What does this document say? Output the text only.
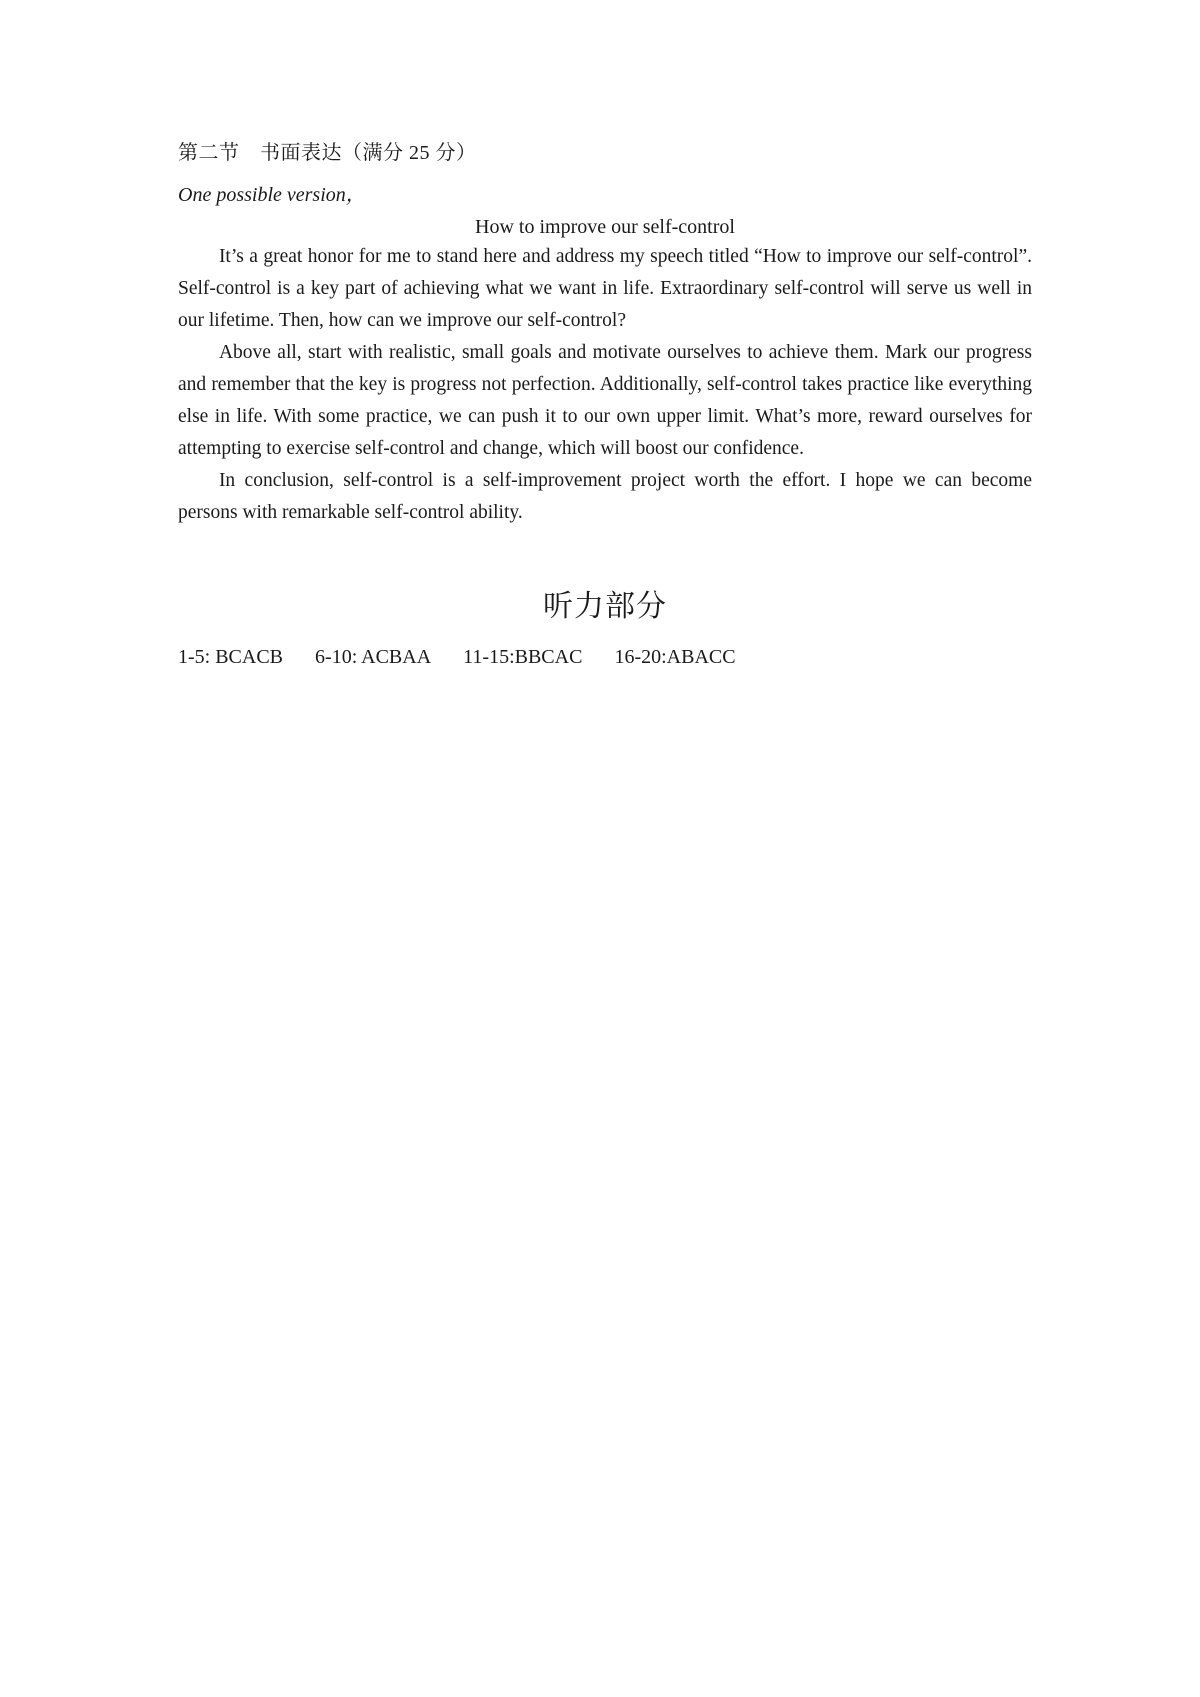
第二节　书面表达（满分 25 分）

One possible version，

How to improve our self-control

It’s a great honor for me to stand here and address my speech titled “How to improve our self-control”. Self-control is a key part of achieving what we want in life. Extraordinary self-control will serve us well in our lifetime. Then, how can we improve our self-control?

Above all, start with realistic, small goals and motivate ourselves to achieve them. Mark our progress and remember that the key is progress not perfection. Additionally, self-control takes practice like everything else in life. With some practice, we can push it to our own upper limit. What’s more, reward ourselves for attempting to exercise self-control and change, which will boost our confidence.

In conclusion, self-control is a self-improvement project worth the effort. I hope we can become persons with remarkable self-control ability.

听力部分

1-5: BCACB 6-10: ACBAA 11-15:BBCAC 16-20:ABACC
